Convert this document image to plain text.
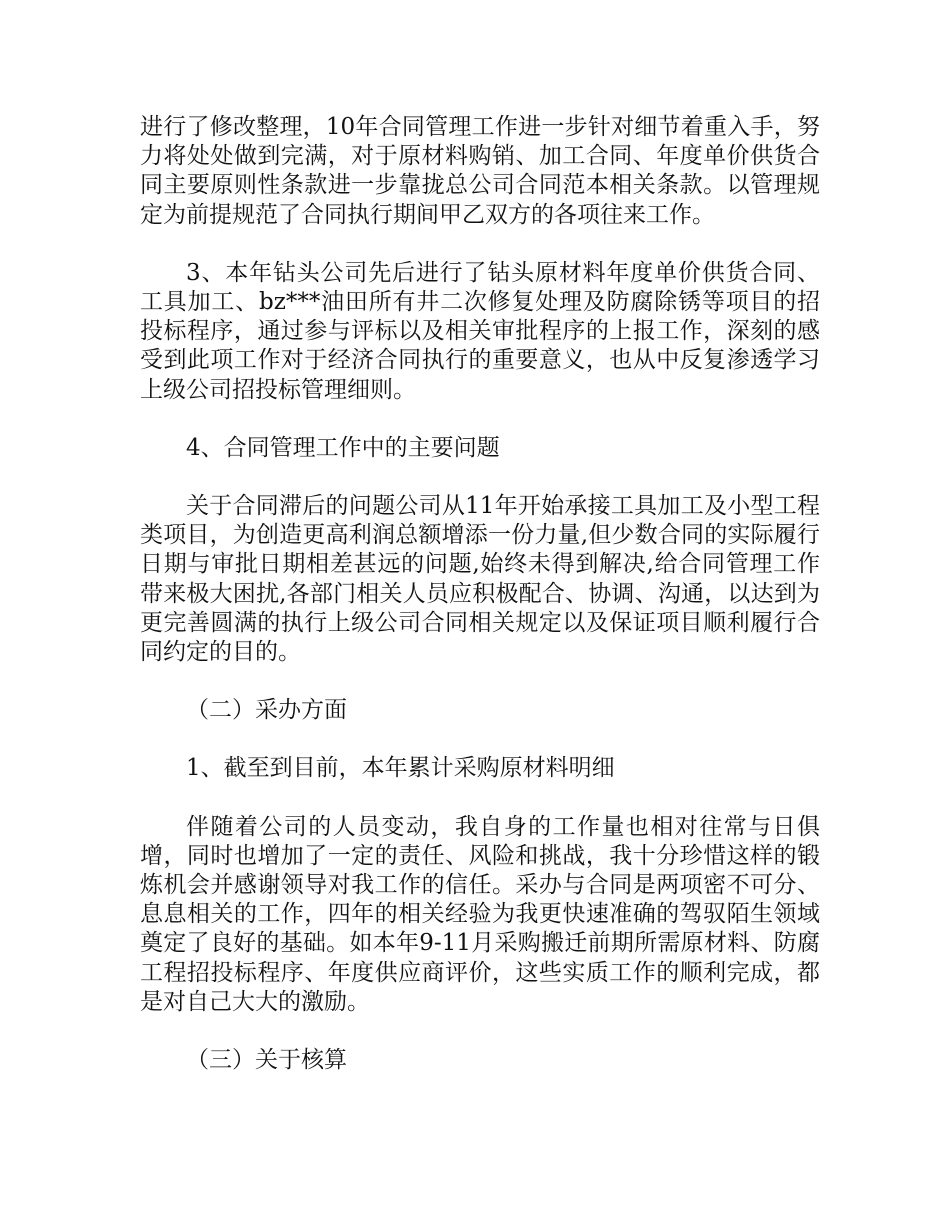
进行了修改整理，10年合同管理工作进一步针对细节着重入手，努力将处处做到完满，对于原材料购销、加工合同、年度单价供货合同主要原则性条款进一步靠拢总公司合同范本相关条款。以管理规定为前提规范了合同执行期间甲乙双方的各项往来工作。

3、本年钻头公司先后进行了钻头原材料年度单价供货合同、工具加工、bz***油田所有井二次修复处理及防腐除锈等项目的招投标程序，通过参与评标以及相关审批程序的上报工作，深刻的感受到此项工作对于经济合同执行的重要意义，也从中反复渗透学习上级公司招投标管理细则。

4、合同管理工作中的主要问题

关于合同滞后的问题公司从11年开始承接工具加工及小型工程类项目，为创造更高利润总额增添一份力量,但少数合同的实际履行日期与审批日期相差甚远的问题,始终未得到解决,给合同管理工作带来极大困扰,各部门相关人员应积极配合、协调、沟通，以达到为更完善圆满的执行上级公司合同相关规定以及保证项目顺利履行合同约定的目的。

（二）采办方面

1、截至到目前，本年累计采购原材料明细

伴随着公司的人员变动，我自身的工作量也相对往常与日俱增，同时也增加了一定的责任、风险和挑战，我十分珍惜这样的锻炼机会并感谢领导对我工作的信任。采办与合同是两项密不可分、息息相关的工作，四年的相关经验为我更快速准确的驾驭陌生领域奠定了良好的基础。如本年9-11月采购搬迁前期所需原材料、防腐工程招投标程序、年度供应商评价，这些实质工作的顺利完成，都是对自己大大的激励。

（三）关于核算
